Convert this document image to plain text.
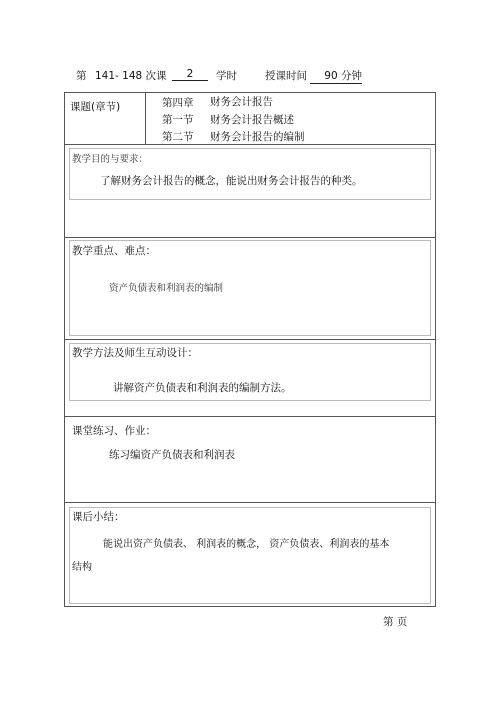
第 141- 148 次课	2	学时	授课时间	90 分钟
课题(章节)	第四章 财务会计报告
第一节 财务会计报告概述
第二节 财务会计报告的编制
教学目的与要求：
了解财务会计报告的概念，能说出财务会计报告的种类。
教学重点、难点：
资产负债表和利润表的编制
教学方法及师生互动设计：
讲解资产负债表和利润表的编制方法。
课堂练习、作业：
练习编资产负债表和利润表
课后小结：
能说出资产负债表、 利润表的概念， 资产负债表、利润表的基本
结构
第 页
